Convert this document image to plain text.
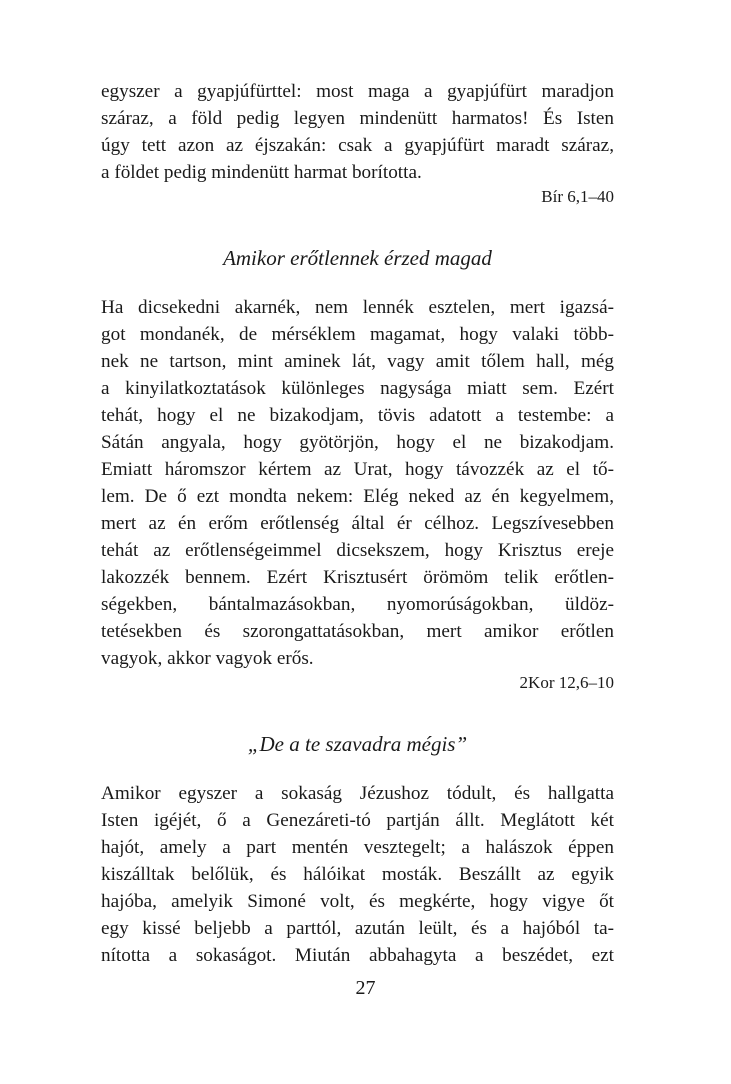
egyszer a gyapjúfürttel: most maga a gyapjúfürt maradjon
száraz, a föld pedig legyen mindenütt harmatos! És Isten
úgy tett azon az éjszakán: csak a gyapjúfürt maradt száraz,
a földet pedig mindenütt harmat borította.
Bír 6,1–40
Amikor erőtlennek érzed magad
Ha dicsekedni akarnék, nem lennék esztelen, mert igazsá-
got mondanék, de mérséklem magamat, hogy valaki több-
nek ne tartson, mint aminek lát, vagy amit tőlem hall, még
a kinyilatkoztatások különleges nagysága miatt sem. Ezért
tehát, hogy el ne bizakodjam, tövis adatott a testembe: a
Sátán angyala, hogy gyötörjön, hogy el ne bizakodjam.
Emiatt háromszor kértem az Urat, hogy távozzék az el tő-
lem. De ő ezt mondta nekem: Elég neked az én kegyelmem,
mert az én erőm erőtlenség által ér célhoz. Legszívesebben
tehát az erőtlenségeimmel dicsekszem, hogy Krisztus ereje
lakozzék bennem. Ezért Krisztusért örömöm telik erőtlen-
ségekben, bántalmazásokban, nyomorúságokban, üldöz-
tetésekben és szorongattatásokban, mert amikor erőtlen
vagyok, akkor vagyok erős.
2Kor 12,6–10
„De a te szavadra mégis”
Amikor egyszer a sokaság Jézushoz tódult, és hallgatta
Isten igéjét, ő a Genezáreti-tó partján állt. Meglátott két
hajót, amely a part mentén vesztegelt; a halászok éppen
kiszálltak belőlük, és hálóikat mosták. Beszállt az egyik
hajóba, amelyik Simoné volt, és megkérte, hogy vigye őt
egy kissé beljebb a parttól, azután leült, és a hajóból ta-
nította a sokaságot. Miután abbahagyta a beszédet, ezt
27
